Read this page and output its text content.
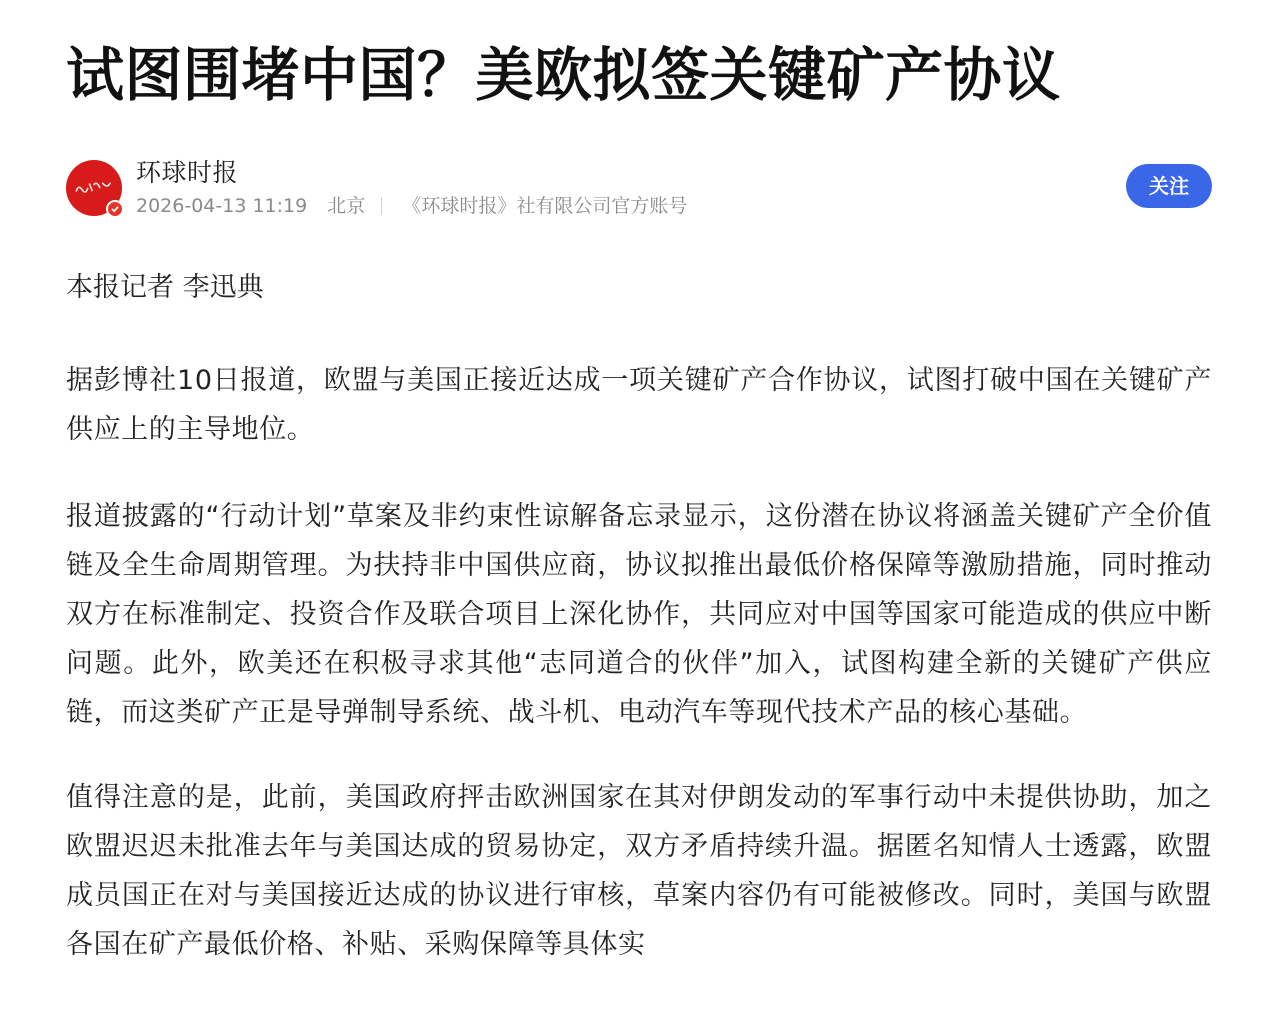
试图围堵中国？美欧拟签关键矿产协议
环球时报
2026-04-13 11:19 北京 《环球时报》社有限公司官方账号
关注
本报记者 李迅典

据彭博社10日报道，欧盟与美国正接近达成一项关键矿产合作协议，试图打破中国在关键矿产供应上的主导地位。

报道披露的“行动计划”草案及非约束性谅解备忘录显示，这份潜在协议将涵盖关键矿产全价值链及全生命周期管理。为扶持非中国供应商，协议拟推出最低价格保障等激励措施，同时推动双方在标准制定、投资合作及联合项目上深化协作，共同应对中国等国家可能造成的供应中断问题。此外，欧美还在积极寻求其他“志同道合的伙伴”加入，试图构建全新的关键矿产供应链，而这类矿产正是导弹制导系统、战斗机、电动汽车等现代技术产品的核心基础。

值得注意的是，此前，美国政府抨击欧洲国家在其对伊朗发动的军事行动中未提供协助，加之欧盟迟迟未批准去年与美国达成的贸易协定，双方矛盾持续升温。据匿名知情人士透露，欧盟成员国正在对与美国接近达成的协议进行审核，草案内容仍有可能被修改。同时，美国与欧盟各国在矿产最低价格、补贴、采购保障等具体实
